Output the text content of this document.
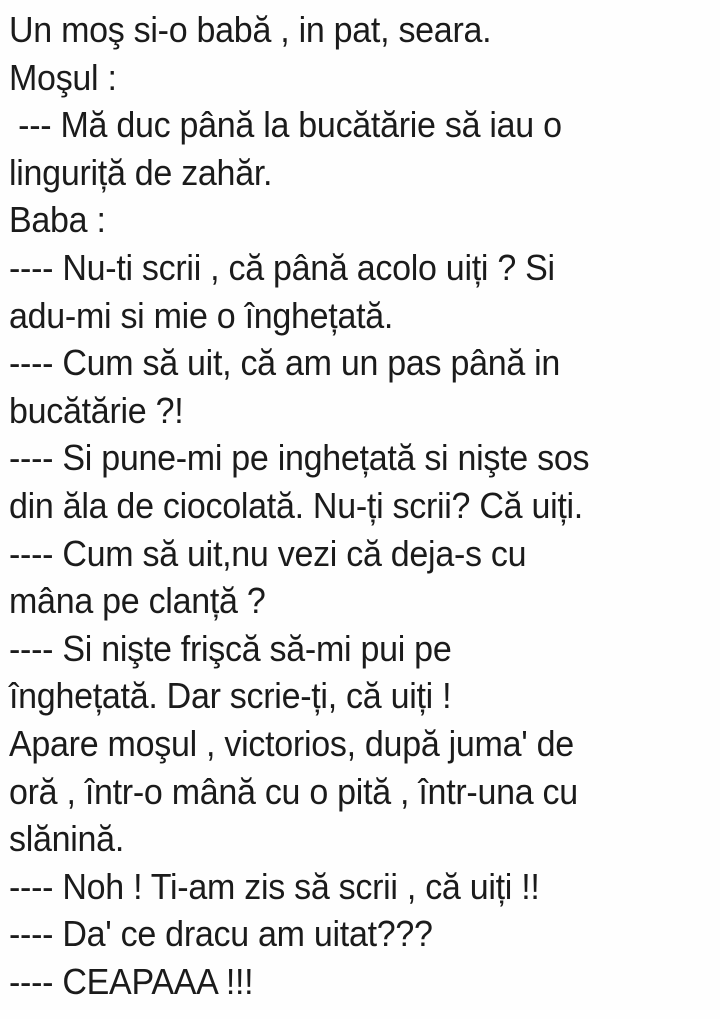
Un moş si-o babă , in pat, seara.
Moşul :
--- Mă duc până la bucătărie să iau o
linguriță de zahăr.
Baba :
---- Nu-ti scrii , că până acolo uiți ? Si
adu-mi si mie o înghețată.
---- Cum să uit, că am un pas până in
bucătărie ?!
---- Si pune-mi pe inghețată si nişte sos
din ăla de ciocolată. Nu-ți scrii? Că uiți.
---- Cum să uit,nu vezi că deja-s cu
mâna pe clanță ?
---- Si nişte frişcă să-mi pui pe
înghețată. Dar scrie-ți, că uiți !
Apare moşul , victorios, după juma' de
oră , într-o mână cu o pită , într-una cu
slănină.
---- Noh ! Ti-am zis să scrii , că uiți !!
---- Da' ce dracu am uitat???
---- CEAPAAA !!!
